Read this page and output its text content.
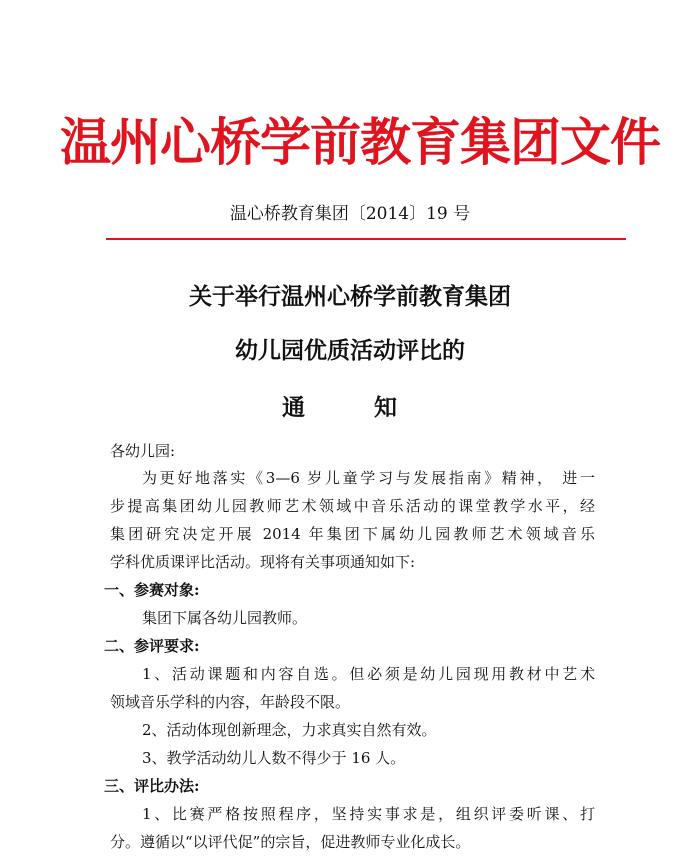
温州心桥学前教育集团文件
温心桥教育集团〔2014〕19 号
关于举行温州心桥学前教育集团
幼儿园优质活动评比的
通	知
各幼儿园:
为更好地落实《3—6 岁儿童学习与发展指南》精神， 进一
步提高集团幼儿园教师艺术领域中音乐活动的课堂教学水平，经
集团研究决定开展 2014 年集团下属幼儿园教师艺术领域音乐
学科优质课评比活动。现将有关事项通知如下:
一、参赛对象:
集团下属各幼儿园教师。
二、参评要求:
1、活动课题和内容自选。但必须是幼儿园现用教材中艺术
领域音乐学科的内容，年龄段不限。
2、活动体现创新理念，力求真实自然有效。
3、教学活动幼儿人数不得少于 16 人。
三、评比办法:
1、比赛严格按照程序，坚持实事求是，组织评委听课、打
分。遵循以“以评代促”的宗旨，促进教师专业化成长。
